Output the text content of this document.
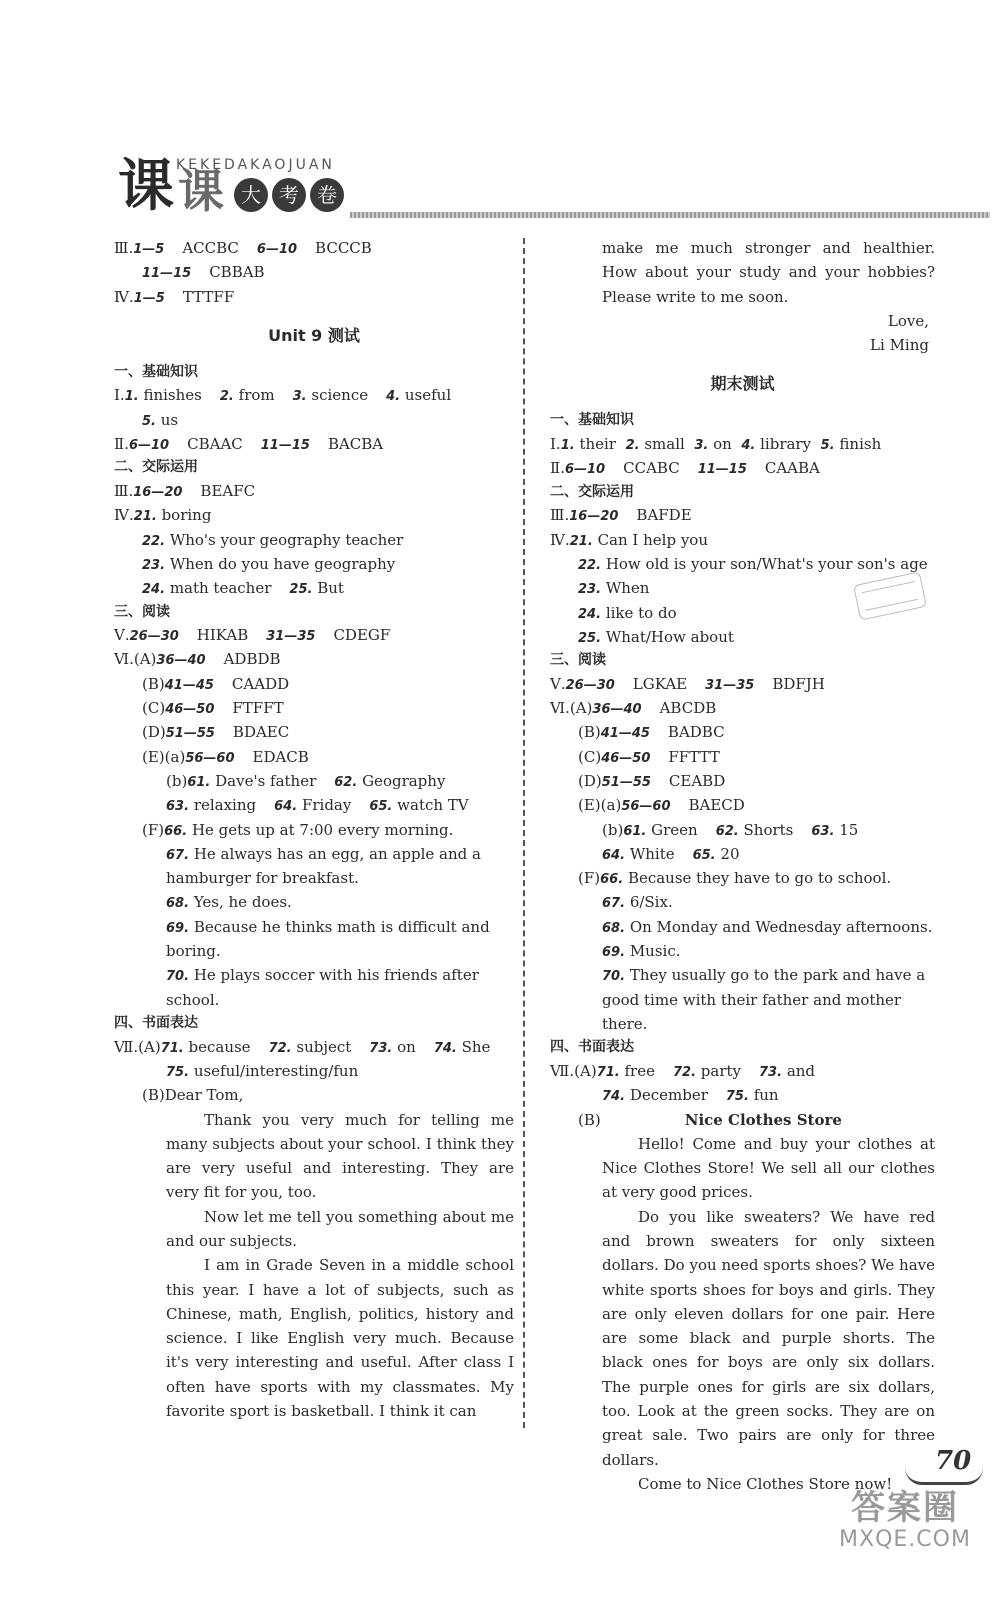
课 课
KEKEDAKAOJUAN
大 考 卷
Ⅲ.1—5 ACCBC 6—10 BCCCB
11—15 CBBAB
Ⅳ.1—5 TTTFF
Unit 9 测试
一、基础知识
Ⅰ.1. finishes 2. from 3. science 4. useful
5. us
Ⅱ.6—10 CBAAC 11—15 BACBA
二、交际运用
Ⅲ.16—20 BEAFC
Ⅳ.21. boring
22. Who's your geography teacher
23. When do you have geography
24. math teacher 25. But
三、阅读
Ⅴ.26—30 HIKAB 31—35 CDEGF
Ⅵ.(A)36—40 ADBDB
(B)41—45 CAADD
(C)46—50 FTFFT
(D)51—55 BDAEC
(E)(a)56—60 EDACB
(b)61. Dave's father 62. Geography
63. relaxing 64. Friday 65. watch TV
(F)66. He gets up at 7:00 every morning.
67. He always has an egg, an apple and a hamburger for breakfast.
68. Yes, he does.
69. Because he thinks math is difficult and boring.
70. He plays soccer with his friends after school.
四、书面表达
Ⅶ.(A)71. because 72. subject 73. on 74. She
75. useful/interesting/fun
(B)Dear Tom,
Thank you very much for telling me many subjects about your school. I think they are very useful and interesting. They are very fit for you, too.
Now let me tell you something about me and our subjects.
I am in Grade Seven in a middle school this year. I have a lot of subjects, such as Chinese, math, English, politics, history and science. I like English very much. Because it's very interesting and useful. After class I often have sports with my classmates. My favorite sport is basketball. I think it can
make me much stronger and healthier. How about your study and your hobbies? Please write to me soon.
Love,
Li Ming
期末测试
一、基础知识
Ⅰ.1. their 2. small 3. on 4. library 5. finish
Ⅱ.6—10 CCABC 11—15 CAABA
二、交际运用
Ⅲ.16—20 BAFDE
Ⅳ.21. Can I help you
22. How old is your son/What's your son's age
23. When
24. like to do
25. What/How about
三、阅读
Ⅴ.26—30 LGKAE 31—35 BDFJH
Ⅵ.(A)36—40 ABCDB
(B)41—45 BADBC
(C)46—50 FFTTT
(D)51—55 CEABD
(E)(a)56—60 BAECD
(b)61. Green 62. Shorts 63. 15
64. White 65. 20
(F)66. Because they have to go to school.
67. 6/Six.
68. On Monday and Wednesday afternoons.
69. Music.
70. They usually go to the park and have a good time with their father and mother there.
四、书面表达
Ⅶ.(A)71. free 72. party 73. and
74. December 75. fun
(B)	Nice Clothes Store
Hello! Come and buy your clothes at Nice Clothes Store! We sell all our clothes at very good prices.
Do you like sweaters? We have red and brown sweaters for only sixteen dollars. Do you need sports shoes? We have white sports shoes for boys and girls. They are only eleven dollars for one pair. Here are some black and purple shorts. The black ones for boys are only six dollars. The purple ones for girls are six dollars, too. Look at the green socks. They are on great sale. Two pairs are only for three dollars.
Come to Nice Clothes Store now!
70
答案圈
MXQE.COM
